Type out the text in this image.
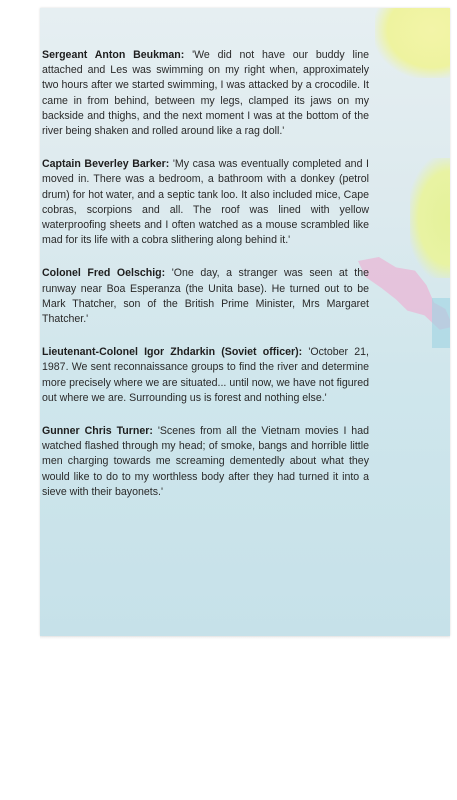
Sergeant Anton Beukman: 'We did not have our buddy line attached and Les was swimming on my right when, approximately two hours after we started swimming, I was attacked by a crocodile. It came in from behind, between my legs, clamped its jaws on my backside and thighs, and the next moment I was at the bottom of the river being shaken and rolled around like a rag doll.'

Captain Beverley Barker: 'My casa was eventually completed and I moved in. There was a bedroom, a bathroom with a donkey (petrol drum) for hot water, and a septic tank loo. It also included mice, Cape cobras, scorpions and all. The roof was lined with yellow waterproofing sheets and I often watched as a mouse scrambled like mad for its life with a cobra slithering along behind it.'

Colonel Fred Oelschig: 'One day, a stranger was seen at the runway near Boa Esperanza (the Unita base). He turned out to be Mark Thatcher, son of the British Prime Minister, Mrs Margaret Thatcher.'

Lieutenant-Colonel Igor Zhdarkin (Soviet officer): 'October 21, 1987. We sent reconnaissance groups to find the river and determine more precisely where we are situated... until now, we have not figured out where we are. Surrounding us is forest and nothing else.'

Gunner Chris Turner: 'Scenes from all the Vietnam movies I had watched flashed through my head; of smoke, bangs and horrible little men charging towards me screaming dementedly about what they would like to do to my worthless body after they had turned it into a sieve with their bayonets.'
